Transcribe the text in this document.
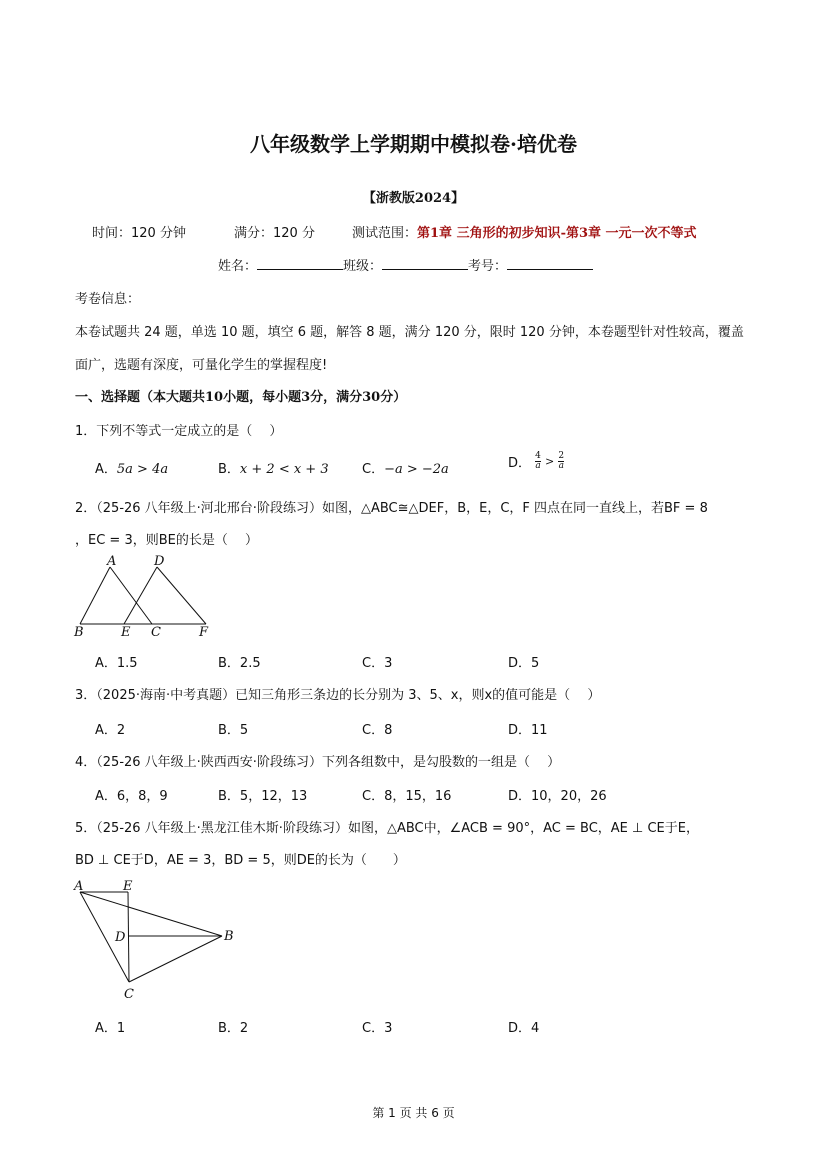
八年级数学上学期期中模拟卷·培优卷
【浙教版2024】
时间：120 分钟	满分：120 分	测试范围：第1章 三角形的初步知识-第3章 一元一次不等式
姓名：	班级：	考号：
考卷信息：
本卷试题共 24 题，单选 10 题，填空 6 题，解答 8 题，满分 120 分，限时 120 分钟，本卷题型针对性较高，覆盖
面广，选题有深度，可量化学生的掌握程度!
一、选择题（本大题共10小题，每小题3分，满分30分）
1．下列不等式一定成立的是（　 ）
A．5a > 4a	B．x + 2 < x + 3	C．−a > −2a	D． $\frac{4}{a} > \frac{2}{a}$
2．（25-26 八年级上·河北邢台·阶段练习）如图，△ABC≅△DEF，B，E，C，F 四点在同一直线上，若BF = 8
，EC = 3，则BE的长是（　 ）
A	D
B	E C	F
A．1.5	B．2.5	C．3	D．5
3．（2025·海南·中考真题）已知三角形三条边的长分别为 3、5、x，则x的值可能是（　 ）
A．2	B．5	C．8	D．11
4．（25-26 八年级上·陕西西安·阶段练习）下列各组数中，是勾股数的一组是（　 ）
A．6，8，9	B．5，12，13	C．8，15，16	D．10，20，26
5．（25-26 八年级上·黑龙江佳木斯·阶段练习）如图，△ABC中，∠ACB = 90°，AC = BC，AE ⊥ CE于E，
BD ⊥ CE于D，AE = 3，BD = 5，则DE的长为（　　）
A	E
D	B
C
A．1	B．2	C．3	D．4
第 1 页 共 6 页
